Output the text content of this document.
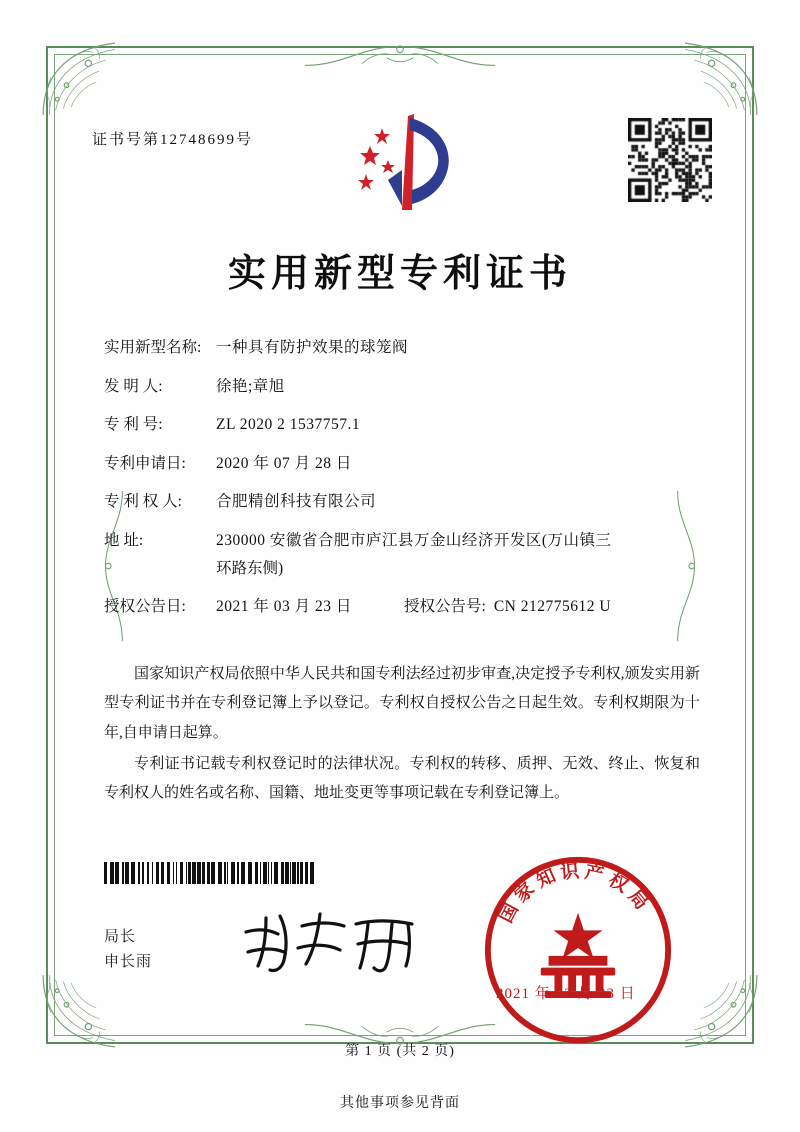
证书号第12748699号
实用新型专利证书
实用新型名称: 一种具有防护效果的球笼阀
发 明 人:	徐艳;章旭
专 利 号:	ZL 2020 2 1537757.1
专利申请日:	2020 年 07 月 28 日
专 利 权 人:	合肥精创科技有限公司
地 址:	230000 安徽省合肥市庐江县万金山经济开发区(万山镇三
环路东侧)
授权公告日:	2021 年 03 月 23 日	授权公告号: CN 212775612 U

国家知识产权局依照中华人民共和国专利法经过初步审查,决定授予专利权,颁发实用新型专利证书并在专利登记簿上予以登记。专利权自授权公告之日起生效。专利权期限为十年,自申请日起算。

专利证书记载专利权登记时的法律状况。专利权的转移、质押、无效、终止、恢复和专利权人的姓名或名称、国籍、地址变更等事项记载在专利登记簿上。

局长
申长雨
国
家
知 识 产 权
局
2021 年 03 月 23 日
第 1 页 (共 2 页)
其他事项参见背面
